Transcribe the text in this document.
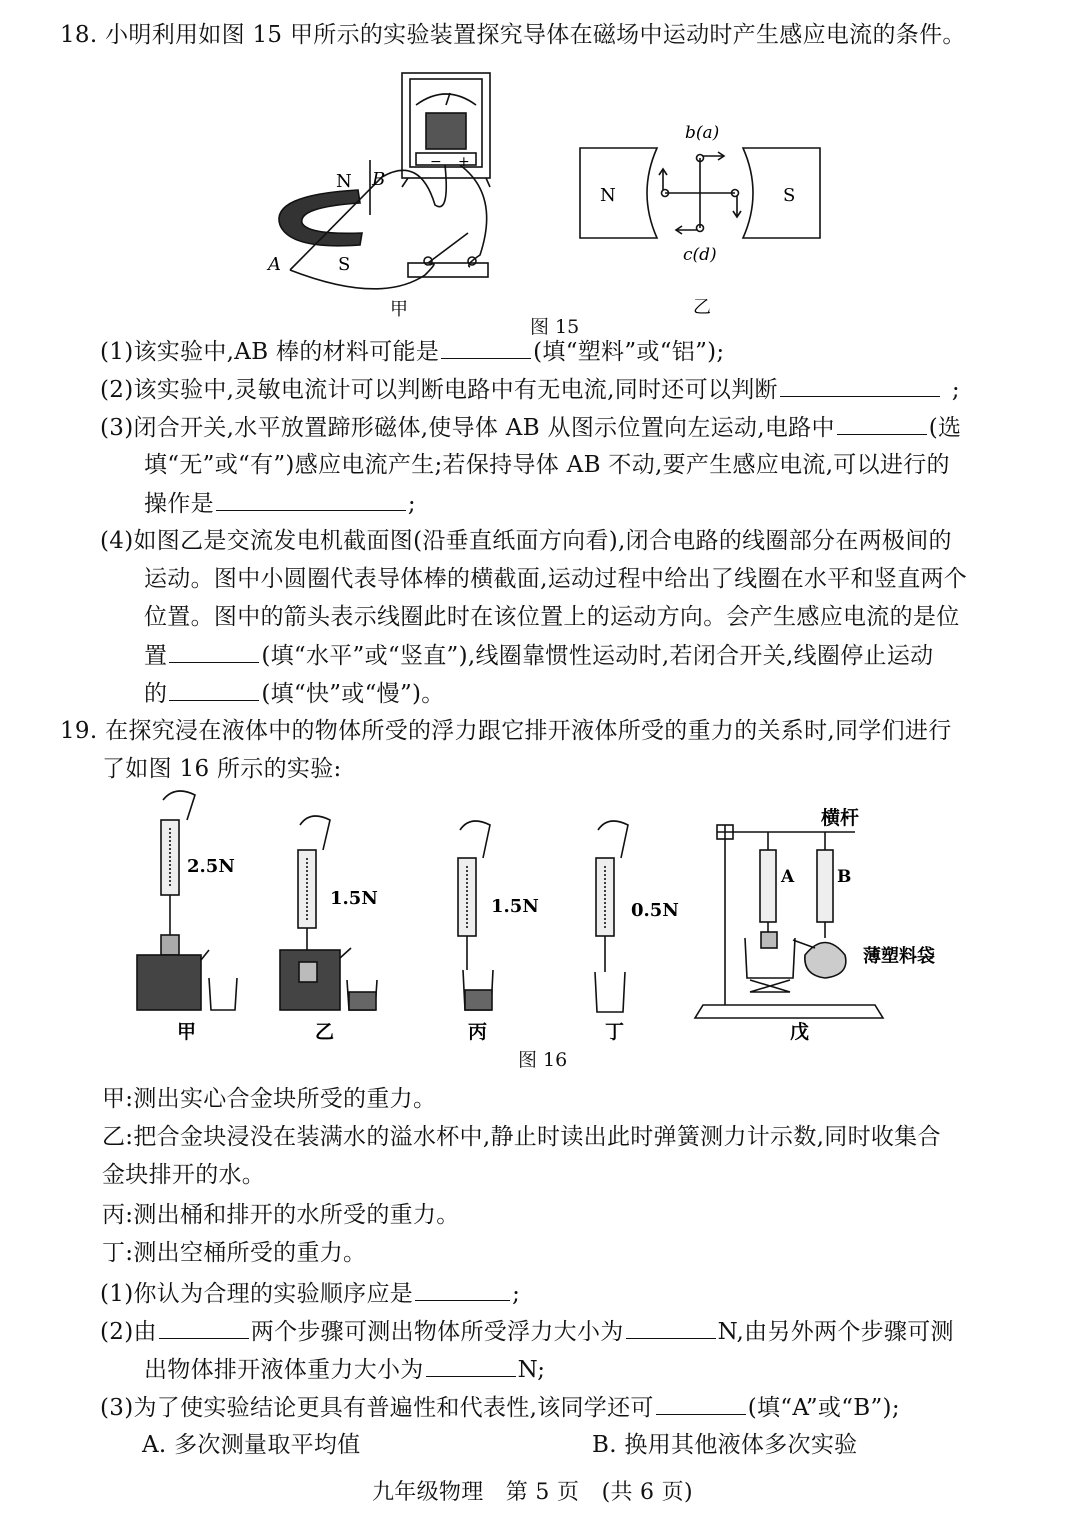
18. 小明利用如图 15 甲所示的实验装置探究导体在磁场中运动时产生感应电流的条件。
− +
N B
A	S
甲
N	S
b(a)
c(d)
乙
图 15
(1)该实验中,AB 棒的材料可能是	(填“塑料”或“铝”);
(2)该实验中,灵敏电流计可以判断电路中有无电流,同时还可以判断	;
(3)闭合开关,水平放置蹄形磁体,使导体 AB 从图示位置向左运动,电路中	(选
填“无”或“有”)感应电流产生;若保持导体 AB 不动,要产生感应电流,可以进行的
操作是	;
(4)如图乙是交流发电机截面图(沿垂直纸面方向看),闭合电路的线圈部分在两极间的
运动。图中小圆圈代表导体棒的横截面,运动过程中给出了线圈在水平和竖直两个
位置。图中的箭头表示线圈此时在该位置上的运动方向。会产生感应电流的是位
置	(填“水平”或“竖直”),线圈靠惯性运动时,若闭合开关,线圈停止运动
的	(填“快”或“慢”)。
19. 在探究浸在液体中的物体所受的浮力跟它排开液体所受的重力的关系时,同学们进行
了如图 16 所示的实验:
2.5N
1.5N	1.5N	0.5N
横杆
A	B
薄塑料袋
甲	乙	丙	丁	戊
图 16
甲:测出实心合金块所受的重力。
乙:把合金块浸没在装满水的溢水杯中,静止时读出此时弹簧测力计示数,同时收集合
金块排开的水。
丙:测出桶和排开的水所受的重力。
丁:测出空桶所受的重力。
(1)你认为合理的实验顺序应是	;
(2)由	两个步骤可测出物体所受浮力大小为	N,由另外两个步骤可测
出物体排开液体重力大小为	N;
(3)为了使实验结论更具有普遍性和代表性,该同学还可	(填“A”或“B”);
A. 多次测量取平均值	B. 换用其他液体多次实验
九年级物理　第 5 页　(共 6 页)
